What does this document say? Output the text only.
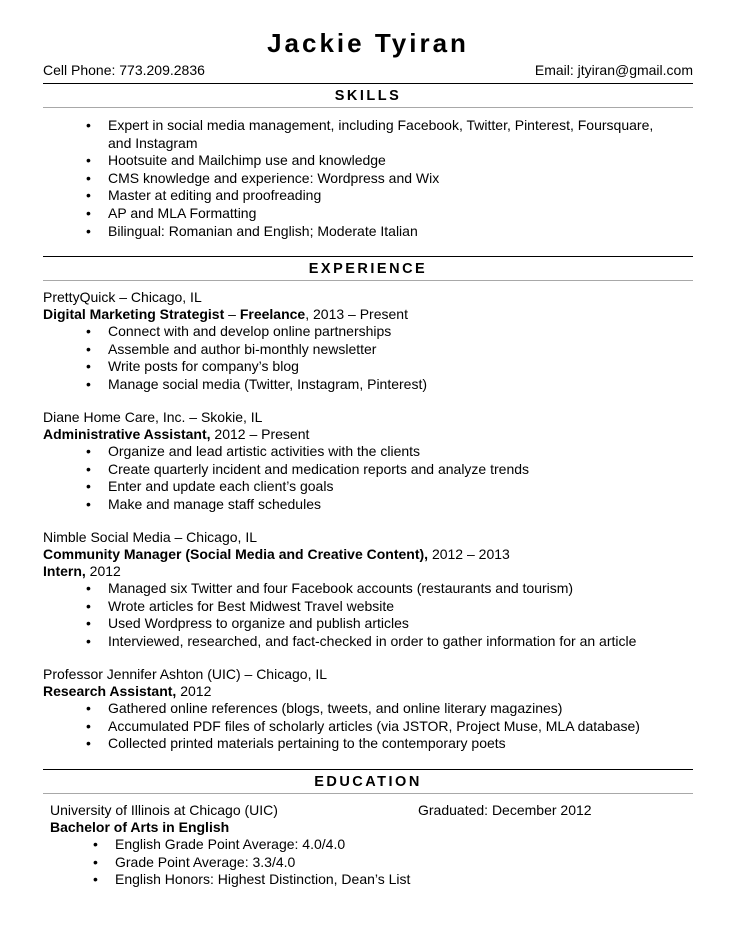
Jackie Tyiran
Cell Phone: 773.209.2836	Email: jtyiran@gmail.com
SKILLS
• Expert in social media management, including Facebook, Twitter, Pinterest, Foursquare, and Instagram
• Hootsuite and Mailchimp use and knowledge
• CMS knowledge and experience: Wordpress and Wix
• Master at editing and proofreading
• AP and MLA Formatting
• Bilingual: Romanian and English; Moderate Italian
EXPERIENCE
PrettyQuick – Chicago, IL
Digital Marketing Strategist – Freelance, 2013 – Present
• Connect with and develop online partnerships
• Assemble and author bi-monthly newsletter
• Write posts for company’s blog
• Manage social media (Twitter, Instagram, Pinterest)
Diane Home Care, Inc. – Skokie, IL
Administrative Assistant, 2012 – Present
• Organize and lead artistic activities with the clients
• Create quarterly incident and medication reports and analyze trends
• Enter and update each client’s goals
• Make and manage staff schedules
Nimble Social Media – Chicago, IL
Community Manager (Social Media and Creative Content), 2012 – 2013
Intern, 2012
• Managed six Twitter and four Facebook accounts (restaurants and tourism)
• Wrote articles for Best Midwest Travel website
• Used Wordpress to organize and publish articles
• Interviewed, researched, and fact-checked in order to gather information for an article
Professor Jennifer Ashton (UIC) – Chicago, IL
Research Assistant, 2012
• Gathered online references (blogs, tweets, and online literary magazines)
• Accumulated PDF files of scholarly articles (via JSTOR, Project Muse, MLA database)
• Collected printed materials pertaining to the contemporary poets
EDUCATION
University of Illinois at Chicago (UIC)	Graduated: December 2012
Bachelor of Arts in English
• English Grade Point Average: 4.0/4.0
• Grade Point Average: 3.3/4.0
• English Honors: Highest Distinction, Dean’s List
